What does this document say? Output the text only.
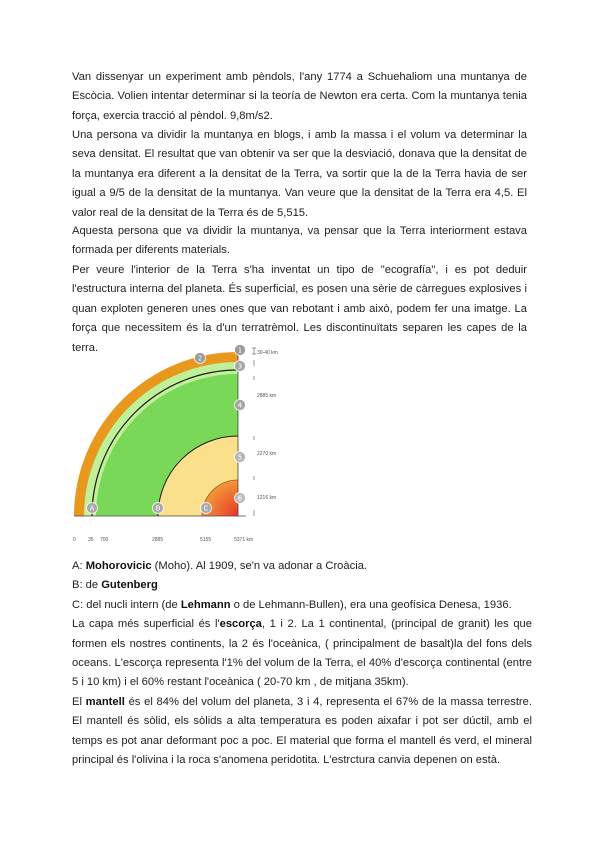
Van dissenyar un experiment amb pèndols, l'any 1774 a Schuehaliom una muntanya de Escòcia. Volien intentar determinar si la teoría de Newton era certa. Com la muntanya tenia força, exercia tracció al pèndol. 9,8m/s2.

Una persona va dividir la muntanya en blogs, i amb la massa i el volum va determinar la seva densitat. El resultat que van obtenir va ser que la desviació, donava que la densitat de la muntanya era diferent a la densitat de la Terra, va sortir que la de la Terra havia de ser igual a 9/5 de la densitat de la muntanya. Van veure que la densitat de la Terra era 4,5. El valor real de la densitat de la Terra és de 5,515.

Aquesta persona que va dividir la muntanya, va pensar que la Terra interiorment estava formada per diferents materials.

Per veure l'interior de la Terra s'ha inventat un tipo de "ecografía", i es pot deduir l'estructura interna del planeta. És superficial, es posen una sèrie de càrregues explosives i quan exploten generen unes ones que van rebotant i amb això, podem fer una imatge. La força que necessitem és la d'un terratrèmol. Les discontinuïtats separen les capes de la terra.	1
2
3
4
5
6
A	B	C
30-40 km
2885 km
2270 km
1216 km
0 35 700	2885	5155	5371 km

A: Mohorovicic (Moho). Al 1909, se'n va adonar a Croàcia.

B: de Gutenberg

C: del nucli intern (de Lehmann o de Lehmann-Bullen), era una geofísica Denesa, 1936.

La capa més superficial és l'escorça, 1 i 2. La 1 continental, (principal de granit) les que formen els nostres continents, la 2 és l'oceànica, ( principalment de basalt)la del fons dels oceans. L'escorça representa l'1% del volum de la Terra, el 40% d'escorça continental (entre 5 i 10 km) i el 60% restant l'oceànica ( 20-70 km , de mitjana 35km).

El mantell és el 84% del volum del planeta, 3 i 4, representa el 67% de la massa terrestre. El mantell és sòlid, els sòlids a alta temperatura es poden aixafar i pot ser dúctil, amb el temps es pot anar deformant poc a poc. El material que forma el mantell és verd, el mineral principal és l'olivina i la roca s'anomena peridotita. L'estrctura canvia depenen on està.
